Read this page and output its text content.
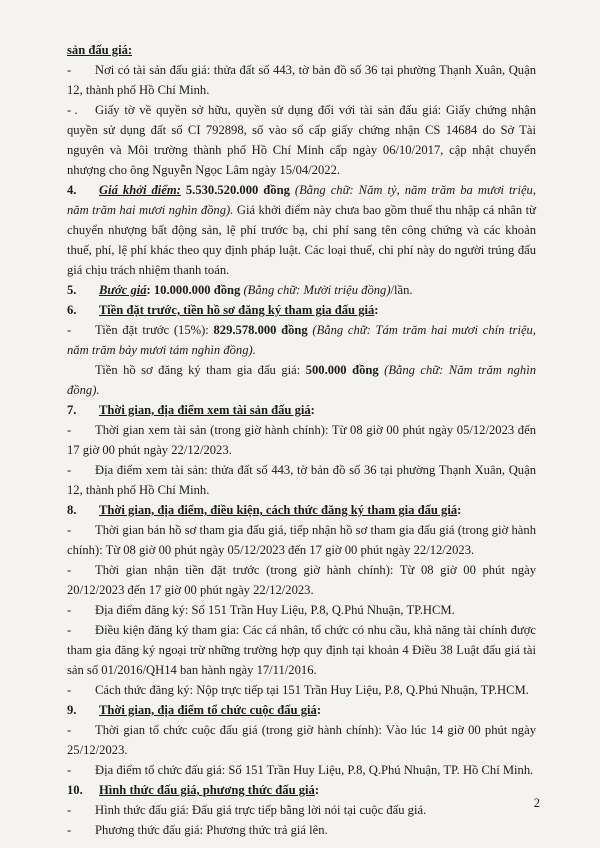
sản đấu giá:

- Nơi có tài sản đấu giá: thửa đất số 443, tờ bản đồ số 36 tại phường Thạnh Xuân, Quận 12, thành phố Hồ Chí Minh.

- . Giấy tờ về quyền sở hữu, quyền sử dụng đối với tài sản đấu giá: Giấy chứng nhận quyền sử dụng đất số CI 792898, số vào sổ cấp giấy chứng nhận CS 14684 do Sở Tài nguyên và Môi trường thành phố Hồ Chí Minh cấp ngày 06/10/2017, cập nhật chuyển nhượng cho ông Nguyễn Ngọc Lâm ngày 15/04/2022.

4. Giá khởi điểm: 5.530.520.000 đồng (Bằng chữ: Năm tỷ, năm trăm ba mươi triệu, năm trăm hai mươi nghìn đồng). Giá khởi điểm này chưa bao gồm thuế thu nhập cá nhân từ chuyển nhượng bất động sản, lệ phí trước bạ, chi phí sang tên công chứng và các khoản thuế, phí, lệ phí khác theo quy định pháp luật. Các loại thuế, chi phí này do người trúng đấu giá chịu trách nhiệm thanh toán.

5. Bước giá: 10.000.000 đồng (Bằng chữ: Mười triệu đồng)/lần.

6. Tiền đặt trước, tiền hồ sơ đăng ký tham gia đấu giá:

- Tiền đặt trước (15%): 829.578.000 đồng (Bằng chữ: Tám trăm hai mươi chín triệu, năm trăm bảy mươi tám nghìn đồng).

Tiền hồ sơ đăng ký tham gia đấu giá: 500.000 đồng (Bằng chữ: Năm trăm nghìn đồng).

7. Thời gian, địa điểm xem tài sản đấu giá:

- Thời gian xem tài sản (trong giờ hành chính): Từ 08 giờ 00 phút ngày 05/12/2023 đến 17 giờ 00 phút ngày 22/12/2023.

- Địa điểm xem tài sản: thửa đất số 443, tờ bản đồ số 36 tại phường Thạnh Xuân, Quận 12, thành phố Hồ Chí Minh.

8. Thời gian, địa điểm, điều kiện, cách thức đăng ký tham gia đấu giá:

- Thời gian bán hồ sơ tham gia đấu giá, tiếp nhận hồ sơ tham gia đấu giá (trong giờ hành chính): Từ 08 giờ 00 phút ngày 05/12/2023 đến 17 giờ 00 phút ngày 22/12/2023.

- Thời gian nhận tiền đặt trước (trong giờ hành chính): Từ 08 giờ 00 phút ngày 20/12/2023 đến 17 giờ 00 phút ngày 22/12/2023.

- Địa điểm đăng ký: Số 151 Trần Huy Liệu, P.8, Q.Phú Nhuận, TP.HCM.

- Điều kiện đăng ký tham gia: Các cá nhân, tổ chức có nhu cầu, khả năng tài chính được tham gia đăng ký ngoại trừ những trường hợp quy định tại khoản 4 Điều 38 Luật đấu giá tài sản số 01/2016/QH14 ban hành ngày 17/11/2016.

- Cách thức đăng ký: Nộp trực tiếp tại 151 Trần Huy Liệu, P.8, Q.Phú Nhuận, TP.HCM.

9. Thời gian, địa điểm tổ chức cuộc đấu giá:

- Thời gian tổ chức cuộc đấu giá (trong giờ hành chính): Vào lúc 14 giờ 00 phút ngày 25/12/2023.

- Địa điểm tổ chức đấu giá: Số 151 Trần Huy Liệu, P.8, Q.Phú Nhuận, TP. Hồ Chí Minh.

10. Hình thức đấu giá, phương thức đấu giá:

- Hình thức đấu giá: Đấu giá trực tiếp bằng lời nói tại cuộc đấu giá.

- Phương thức đấu giá: Phương thức trả giá lên.

2
